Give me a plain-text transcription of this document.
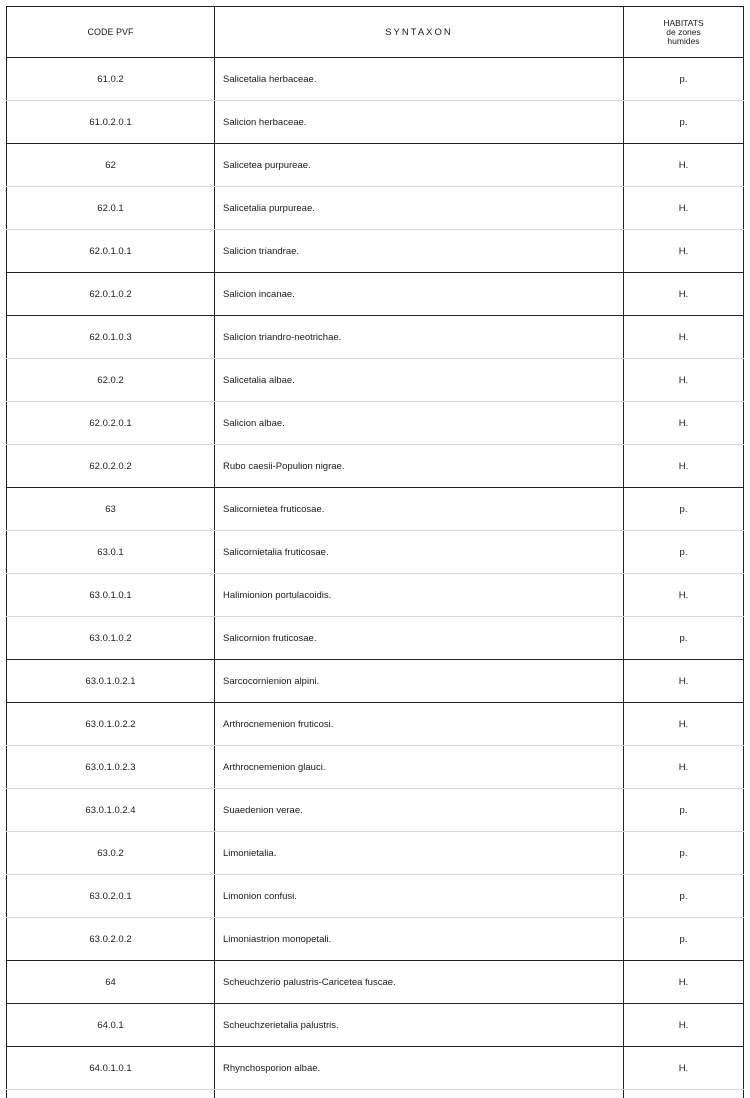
CODE PVF	SYNTAXON	HABITATS
de zones
humides

61.0.2	Salicetalia herbaceae.	p.
61.0.2.0.1	Salicion herbaceae.	p.
62	Salicetea purpureae.	H.
62.0.1	Salicetalia purpureae.	H.
62.0.1.0.1	Salicion triandrae.	H.
62.0.1.0.2	Salicion incanae.	H.
62.0.1.0.3	Salicion triandro-neotrichae.	H.
62.0.2	Salicetalia albae.	H.
62.0.2.0.1	Salicion albae.	H.
62.0.2.0.2	Rubo caesii-Populion nigrae.	H.
63	Salicornietea fruticosae.	p.
63.0.1	Salicornietalia fruticosae.	p.
63.0.1.0.1	Halimionion portulacoidis.	H.
63.0.1.0.2	Salicornion fruticosae.	p.
63.0.1.0.2.1	Sarcocornienion alpini.	H.
63.0.1.0.2.2	Arthrocnemenion fruticosi.	H.
63.0.1.0.2.3	Arthrocnemenion glauci.	H.
63.0.1.0.2.4	Suaedenion verae.	p.
63.0.2	Limonietalia.	p.
63.0.2.0.1	Limonion confusi.	p.
63.0.2.0.2	Limoniastrion monopetali.	p.
64	Scheuchzerio palustris-Caricetea fuscae.	H.
64.0.1	Scheuchzerietalia palustris.	H.
64.0.1.0.1	Rhynchosporion albae.	H.
